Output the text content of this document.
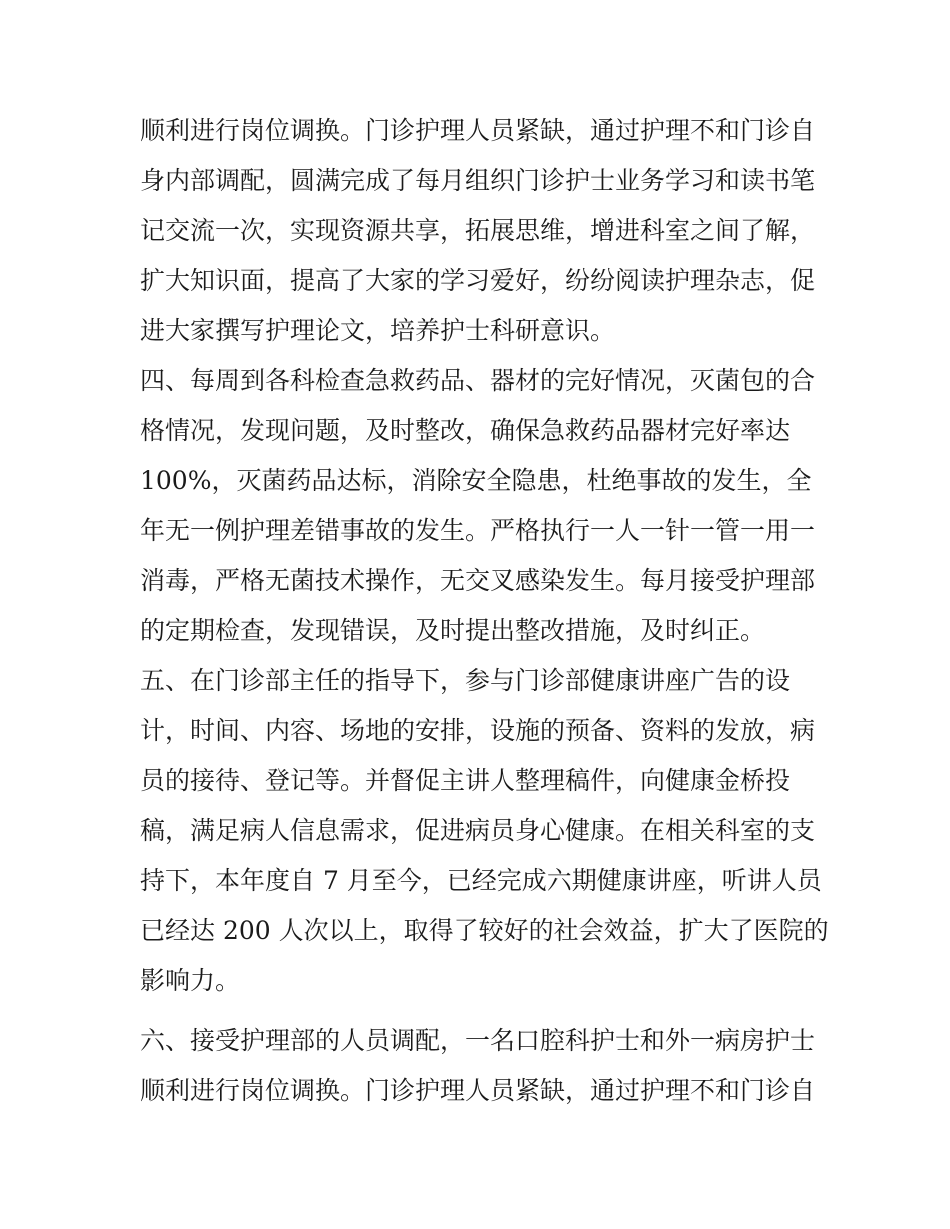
顺利进行岗位调换。门诊护理人员紧缺，通过护理不和门诊自
身内部调配，圆满完成了每月组织门诊护士业务学习和读书笔
记交流一次，实现资源共享，拓展思维，增进科室之间了解，
扩大知识面，提高了大家的学习爱好，纷纷阅读护理杂志，促
进大家撰写护理论文，培养护士科研意识。
四、每周到各科检查急救药品、器材的完好情况，灭菌包的合
格情况，发现问题，及时整改，确保急救药品器材完好率达
100%，灭菌药品达标，消除安全隐患，杜绝事故的发生，全
年无一例护理差错事故的发生。严格执行一人一针一管一用一
消毒，严格无菌技术操作，无交叉感染发生。每月接受护理部
的定期检查，发现错误，及时提出整改措施，及时纠正。
五、在门诊部主任的指导下，参与门诊部健康讲座广告的设
计，时间、内容、场地的安排，设施的预备、资料的发放，病
员的接待、登记等。并督促主讲人整理稿件，向健康金桥投
稿，满足病人信息需求，促进病员身心健康。在相关科室的支
持下，本年度自 7 月至今，已经完成六期健康讲座，听讲人员
已经达 200 人次以上，取得了较好的社会效益，扩大了医院的
影响力。
六、接受护理部的人员调配，一名口腔科护士和外一病房护士
顺利进行岗位调换。门诊护理人员紧缺，通过护理不和门诊自
